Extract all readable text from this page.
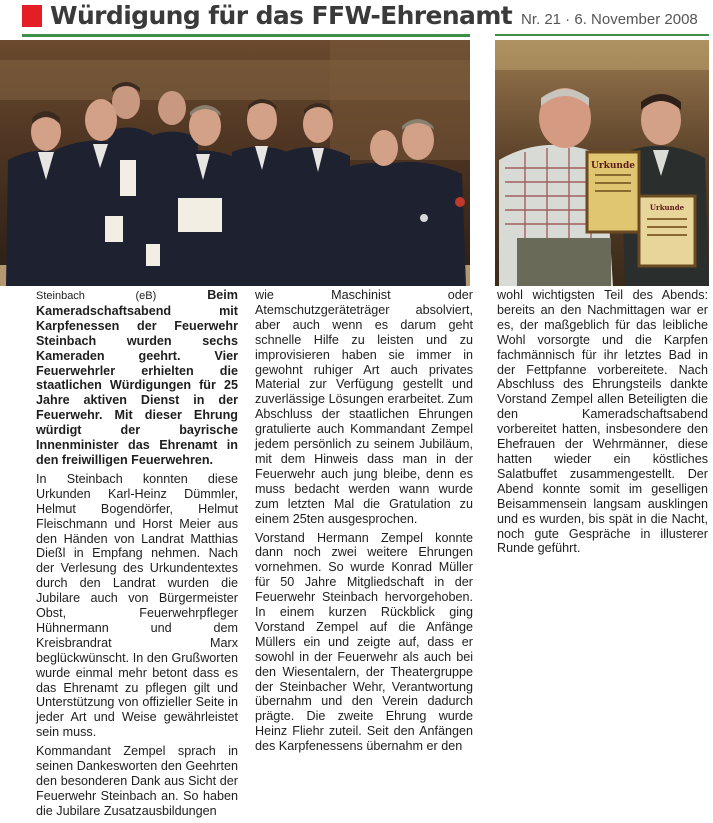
Würdigung für das FFW-Ehrenamt Nr. 21 · 6. November 2008
Urkunde
Urkunde

Steinbach (eB)	Beim Kameradschaftsabend mit Karpfenessen der Feuerwehr Steinbach wurden sechs Kameraden geehrt. Vier Feuerwehrler erhielten die staatlichen Würdigungen für 25 Jahre aktiven Dienst in der Feuerwehr. Mit dieser Ehrung würdigt der bayrische Innenminister das Ehrenamt in den freiwilligen Feuerwehren.

In Steinbach konnten diese Urkunden Karl-Heinz Dümmler, Helmut Bogendörfer, Helmut Fleischmann und Horst Meier aus den Händen von Landrat Matthias Dießl in Empfang nehmen. Nach der Verlesung des Urkundentextes durch den Landrat wurden die Jubilare auch von Bürgermeister Obst, Feuerwehrpfleger Hühnermann und dem Kreisbrandrat Marx beglückwünscht. In den Grußworten wurde einmal mehr betont dass es das Ehrenamt zu pflegen gilt und Unterstützung von offizieller Seite in jeder Art und Weise gewährleistet sein muss.

Kommandant Zempel sprach in seinen Dankesworten den Geehrten den besonderen Dank aus Sicht der Feuerwehr Steinbach an. So haben die Jubilare Zusatzausbildungen

wie Maschinist oder Atemschutzgeräteträger absolviert, aber auch wenn es darum geht schnelle Hilfe zu leisten und zu improvisieren haben sie immer in gewohnt ruhiger Art auch privates Material zur Verfügung gestellt und zuverlässige Lösungen erarbeitet. Zum Abschluss der staatlichen Ehrungen gratulierte auch Kommandant Zempel jedem persönlich zu seinem Jubiläum, mit dem Hinweis dass man in der Feuerwehr auch jung bleibe, denn es muss bedacht werden wann wurde zum letzten Mal die Gratulation zu einem 25ten ausgesprochen.

Vorstand Hermann Zempel konnte dann noch zwei weitere Ehrungen vornehmen. So wurde Konrad Müller für 50 Jahre Mitgliedschaft in der Feuerwehr Steinbach hervorgehoben. In einem kurzen Rückblick ging Vorstand Zempel auf die Anfänge Müllers ein und zeigte auf, dass er sowohl in der Feuerwehr als auch bei den Wiesentalern, der Theatergruppe der Steinbacher Wehr, Verantwortung übernahm und den Verein dadurch prägte. Die zweite Ehrung wurde Heinz Fliehr zuteil. Seit den Anfängen des Karpfenessens übernahm er den

wohl wichtigsten Teil des Abends: bereits an den Nachmittagen war er es, der maßgeblich für das leibliche Wohl vorsorgte und die Karpfen fachmännisch für ihr letztes Bad in der Fettpfanne vorbereitete. Nach Abschluss des Ehrungsteils dankte Vorstand Zempel allen Beteiligten die den Kameradschaftsabend vorbereitet hatten, insbesondere den Ehefrauen der Wehrmänner, diese hatten wieder ein köstliches Salatbuffet zusammengestellt. Der Abend konnte somit im geselligen Beisammensein langsam ausklingen und es wurden, bis spät in die Nacht, noch gute Gespräche in illusterer Runde geführt.
